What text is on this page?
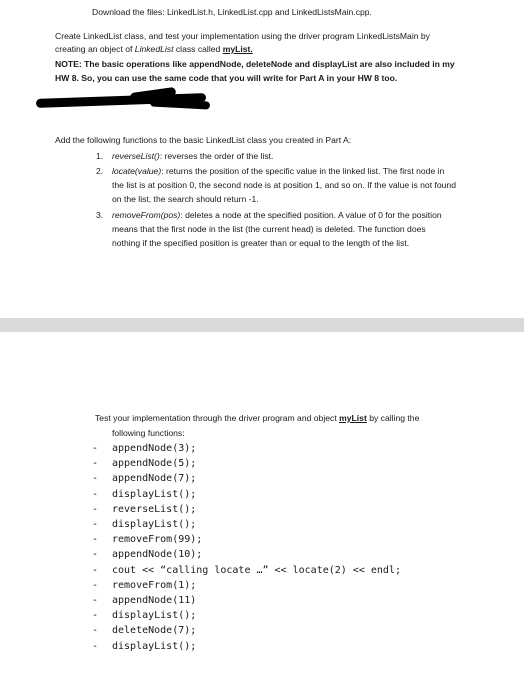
Download the files: LinkedList.h, LinkedList.cpp and LinkedListsMain.cpp.
Create LinkedList class, and test your implementation using the driver program LinkedListsMain by
creating an object of LinkedList class called myList.
NOTE: The basic operations like appendNode, deleteNode and displayList are also included in my
HW 8. So, you can use the same code that you will write for Part A in your HW 8 too.
Add the following functions to the basic LinkedList class you created in Part A:
1. reverseList(): reverses the order of the list.
2. locate(value): returns the position of the specific value in the linked list. The first node in
the list is at position 0, the second node is at position 1, and so on. If the value is not found
on the list, the search should return -1.
3. removeFrom(pos): deletes a node at the specified position. A value of 0 for the position
means that the first node in the list (the current head) is deleted. The function does
nothing if the specified position is greater than or equal to the length of the list.
Test your implementation through the driver program and object myList by calling the
following functions:
- appendNode(3);
- appendNode(5);
- appendNode(7);
- displayList();
- reverseList();
- displayList();
- removeFrom(99);
- appendNode(10);
- cout << “calling locate …” << locate(2) << endl;
- removeFrom(1);
- appendNode(11)
- displayList();
- deleteNode(7);
- displayList();
